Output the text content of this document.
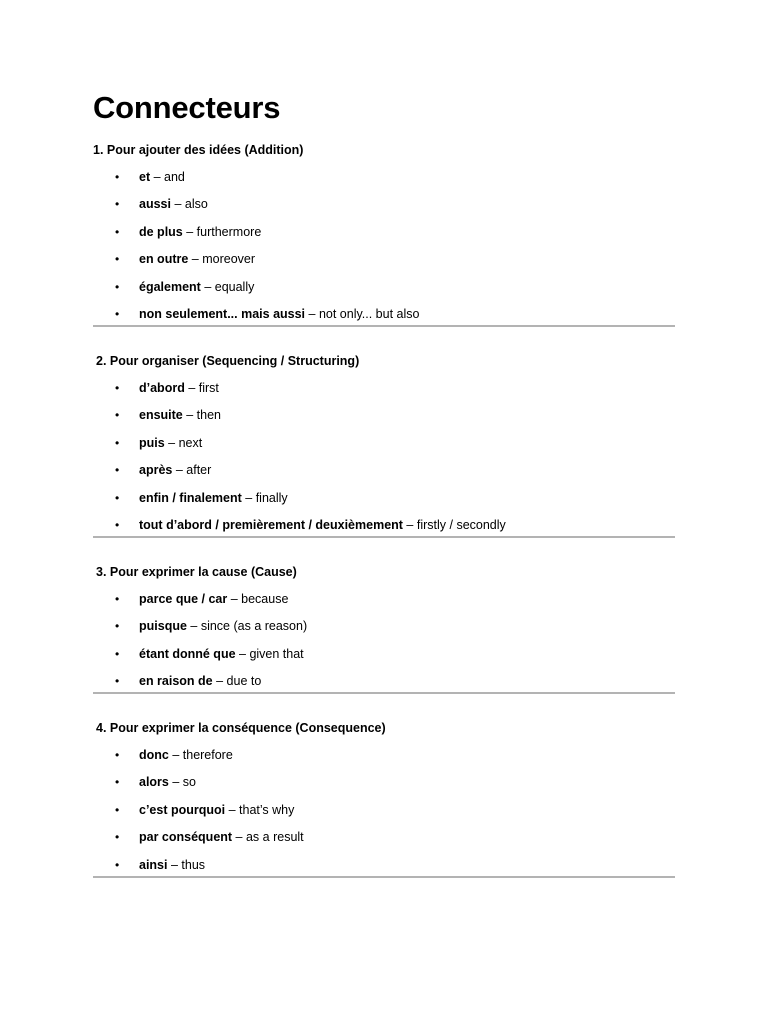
Connecteurs

1. Pour ajouter des idées (Addition)

• et – and
• aussi – also
• de plus – furthermore
• en outre – moreover
• également – equally
• non seulement... mais aussi – not only... but also

2. Pour organiser (Sequencing / Structuring)

• d’abord – first
• ensuite – then
• puis – next
• après – after
• enfin / finalement – finally
• tout d’abord / premièrement / deuxièmement – firstly / secondly

3. Pour exprimer la cause (Cause)

• parce que / car – because
• puisque – since (as a reason)
• étant donné que – given that
• en raison de – due to

4. Pour exprimer la conséquence (Consequence)

• donc – therefore
• alors – so
• c’est pourquoi – that’s why
• par conséquent – as a result
• ainsi – thus
